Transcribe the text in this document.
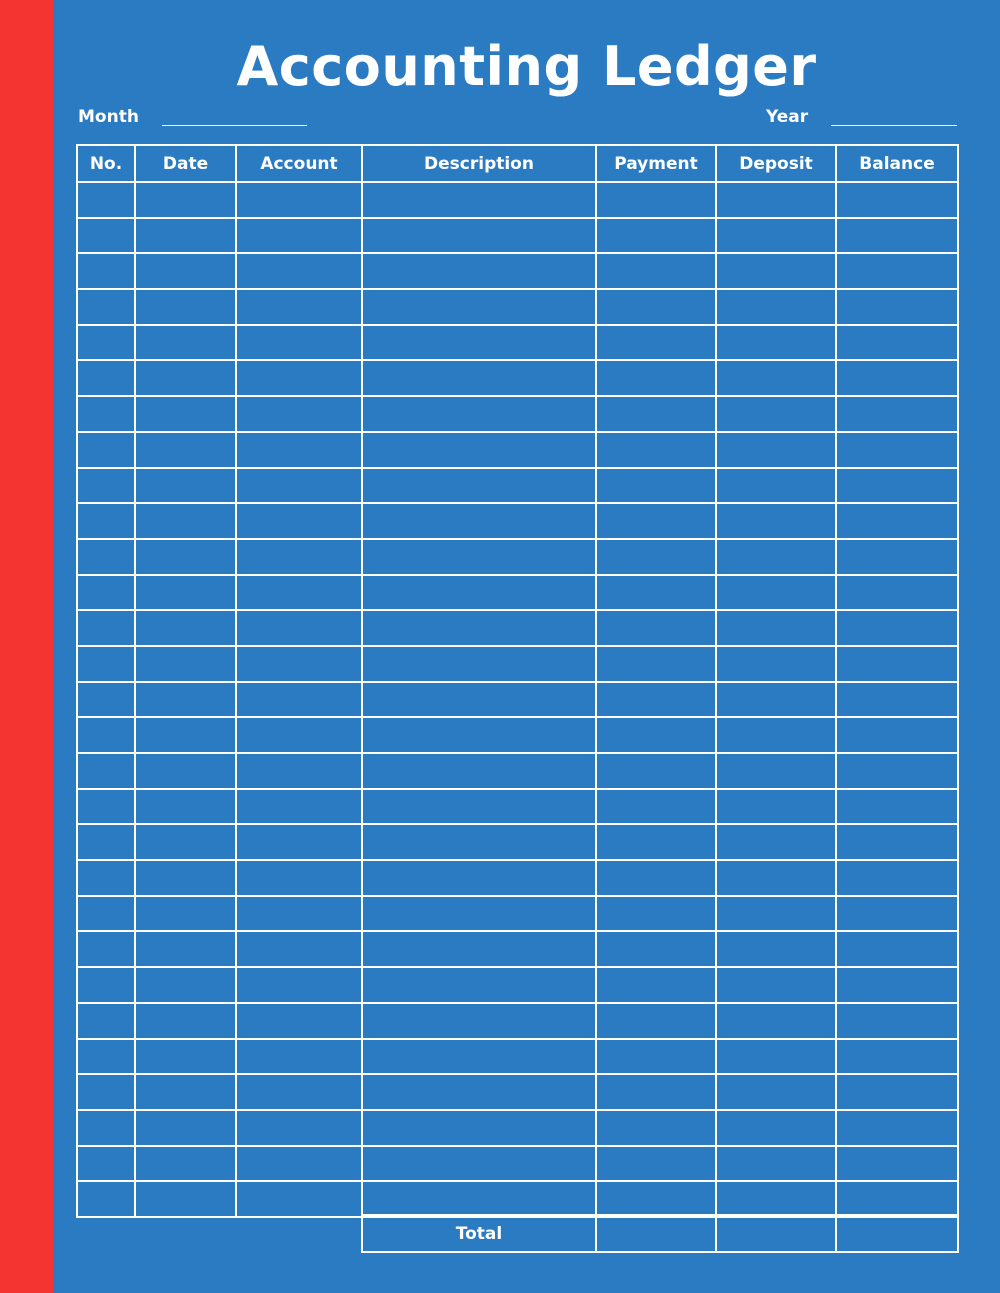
Accounting Ledger
Month	Year
No.	Date	Account	Description	Payment	Deposit	Balance

Total			
